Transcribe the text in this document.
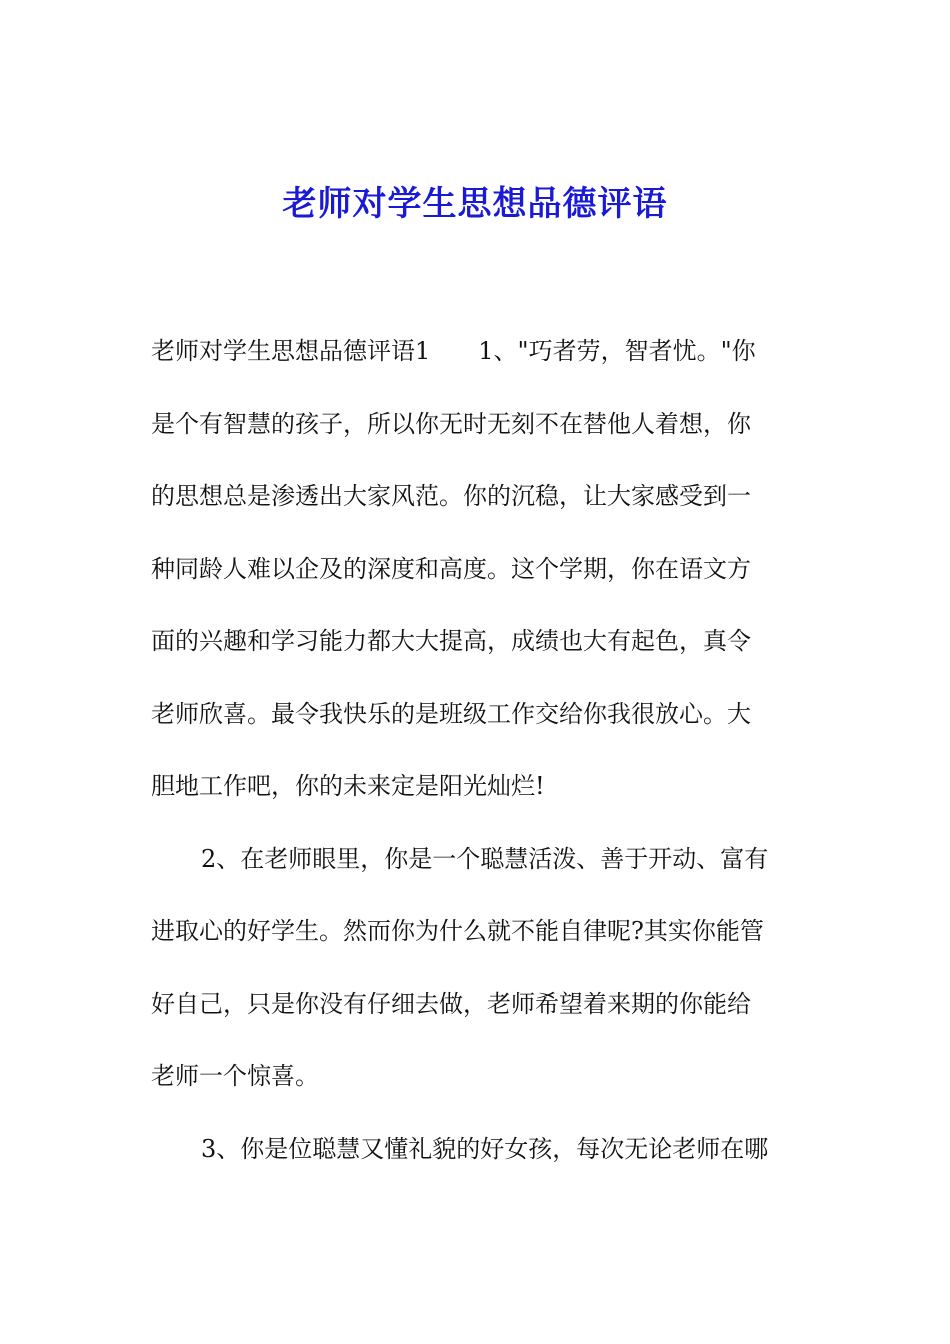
老师对学生思想品德评语
老师对学生思想品德评语1　　1、"巧者劳，智者忧。"你
是个有智慧的孩子，所以你无时无刻不在替他人着想，你
的思想总是渗透出大家风范。你的沉稳，让大家感受到一
种同龄人难以企及的深度和高度。这个学期，你在语文方
面的兴趣和学习能力都大大提高，成绩也大有起色，真令
老师欣喜。最令我快乐的是班级工作交给你我很放心。大
胆地工作吧，你的未来定是阳光灿烂!
2、在老师眼里，你是一个聪慧活泼、善于开动、富有
进取心的好学生。然而你为什么就不能自律呢?其实你能管
好自己，只是你没有仔细去做，老师希望着来期的你能给
老师一个惊喜。
3、你是位聪慧又懂礼貌的好女孩，每次无论老师在哪
